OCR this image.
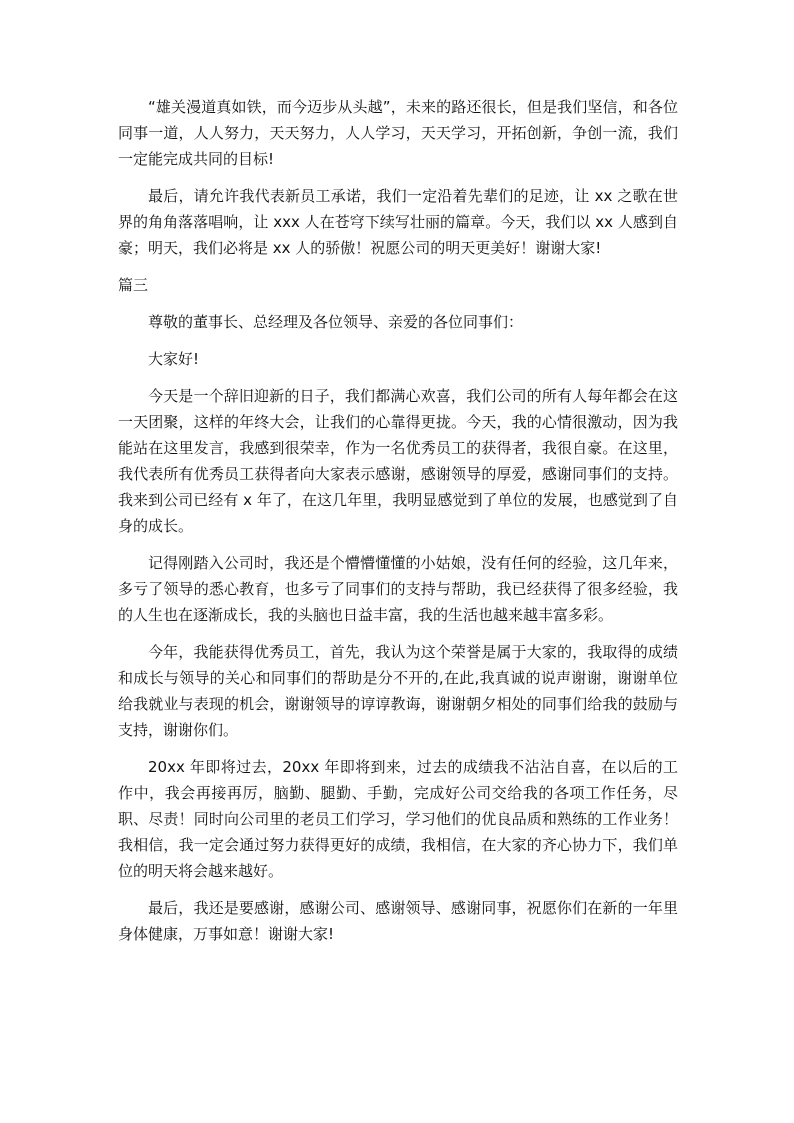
“雄关漫道真如铁，而今迈步从头越”，未来的路还很长，但是我们坚信，和各位同事一道，人人努力，天天努力，人人学习，天天学习，开拓创新，争创一流，我们一定能完成共同的目标!

最后，请允许我代表新员工承诺，我们一定沿着先辈们的足迹，让 xx 之歌在世界的角角落落唱响，让 xxx 人在苍穹下续写壮丽的篇章。今天，我们以 xx 人感到自豪；明天，我们必将是 xx 人的骄傲！祝愿公司的明天更美好！谢谢大家!

篇三

尊敬的董事长、总经理及各位领导、亲爱的各位同事们：

大家好!

今天是一个辞旧迎新的日子，我们都满心欢喜，我们公司的所有人每年都会在这一天团聚，这样的年终大会，让我们的心靠得更拢。今天，我的心情很激动，因为我能站在这里发言，我感到很荣幸，作为一名优秀员工的获得者，我很自豪。在这里，我代表所有优秀员工获得者向大家表示感谢，感谢领导的厚爱，感谢同事们的支持。我来到公司已经有 x 年了，在这几年里，我明显感觉到了单位的发展，也感觉到了自身的成长。

记得刚踏入公司时，我还是个懵懵懂懂的小姑娘，没有任何的经验，这几年来，多亏了领导的悉心教育，也多亏了同事们的支持与帮助，我已经获得了很多经验，我的人生也在逐渐成长，我的头脑也日益丰富，我的生活也越来越丰富多彩。

今年，我能获得优秀员工，首先，我认为这个荣誉是属于大家的，我取得的成绩和成长与领导的关心和同事们的帮助是分不开的,在此,我真诚的说声谢谢，谢谢单位给我就业与表现的机会，谢谢领导的谆谆教诲，谢谢朝夕相处的同事们给我的鼓励与支持，谢谢你们。

20xx 年即将过去，20xx 年即将到来，过去的成绩我不沾沾自喜，在以后的工作中，我会再接再厉，脑勤、腿勤、手勤，完成好公司交给我的各项工作任务，尽职、尽责！同时向公司里的老员工们学习，学习他们的优良品质和熟练的工作业务！我相信，我一定会通过努力获得更好的成绩，我相信，在大家的齐心协力下，我们单位的明天将会越来越好。

最后，我还是要感谢，感谢公司、感谢领导、感谢同事，祝愿你们在新的一年里身体健康，万事如意！谢谢大家!
